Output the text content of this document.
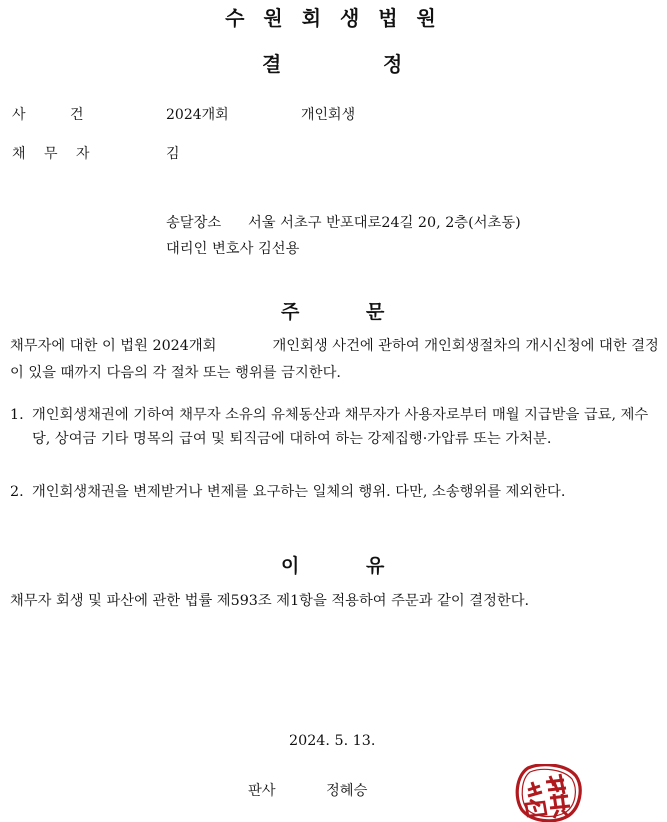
수 원 회 생 법 원
결	정
사 건	2024개회	개인회생
채 무 자	김
송달장소 서울 서초구 반포대로24길 20, 2층(서초동)
대리인 변호사 김선용
주	문
채무자에 대한 이 법원 2024개회	개인회생 사건에 관하여 개인회생절차의 개시신청에 대한 결정이 있을 때까지 다음의 각 절차 또는 행위를 금지한다.
1. 개인회생채권에 기하여 채무자 소유의 유체동산과 채무자가 사용자로부터 매월 지급받을 급료, 제수당, 상여금 기타 명목의 급여 및 퇴직금에 대하여 하는 강제집행·가압류 또는 가처분.
2. 개인회생채권을 변제받거나 변제를 요구하는 일체의 행위. 다만, 소송행위를 제외한다.
이	유
채무자 회생 및 파산에 관한 법률 제593조 제1항을 적용하여 주문과 같이 결정한다.
2024. 5. 13.
판사	정혜승
